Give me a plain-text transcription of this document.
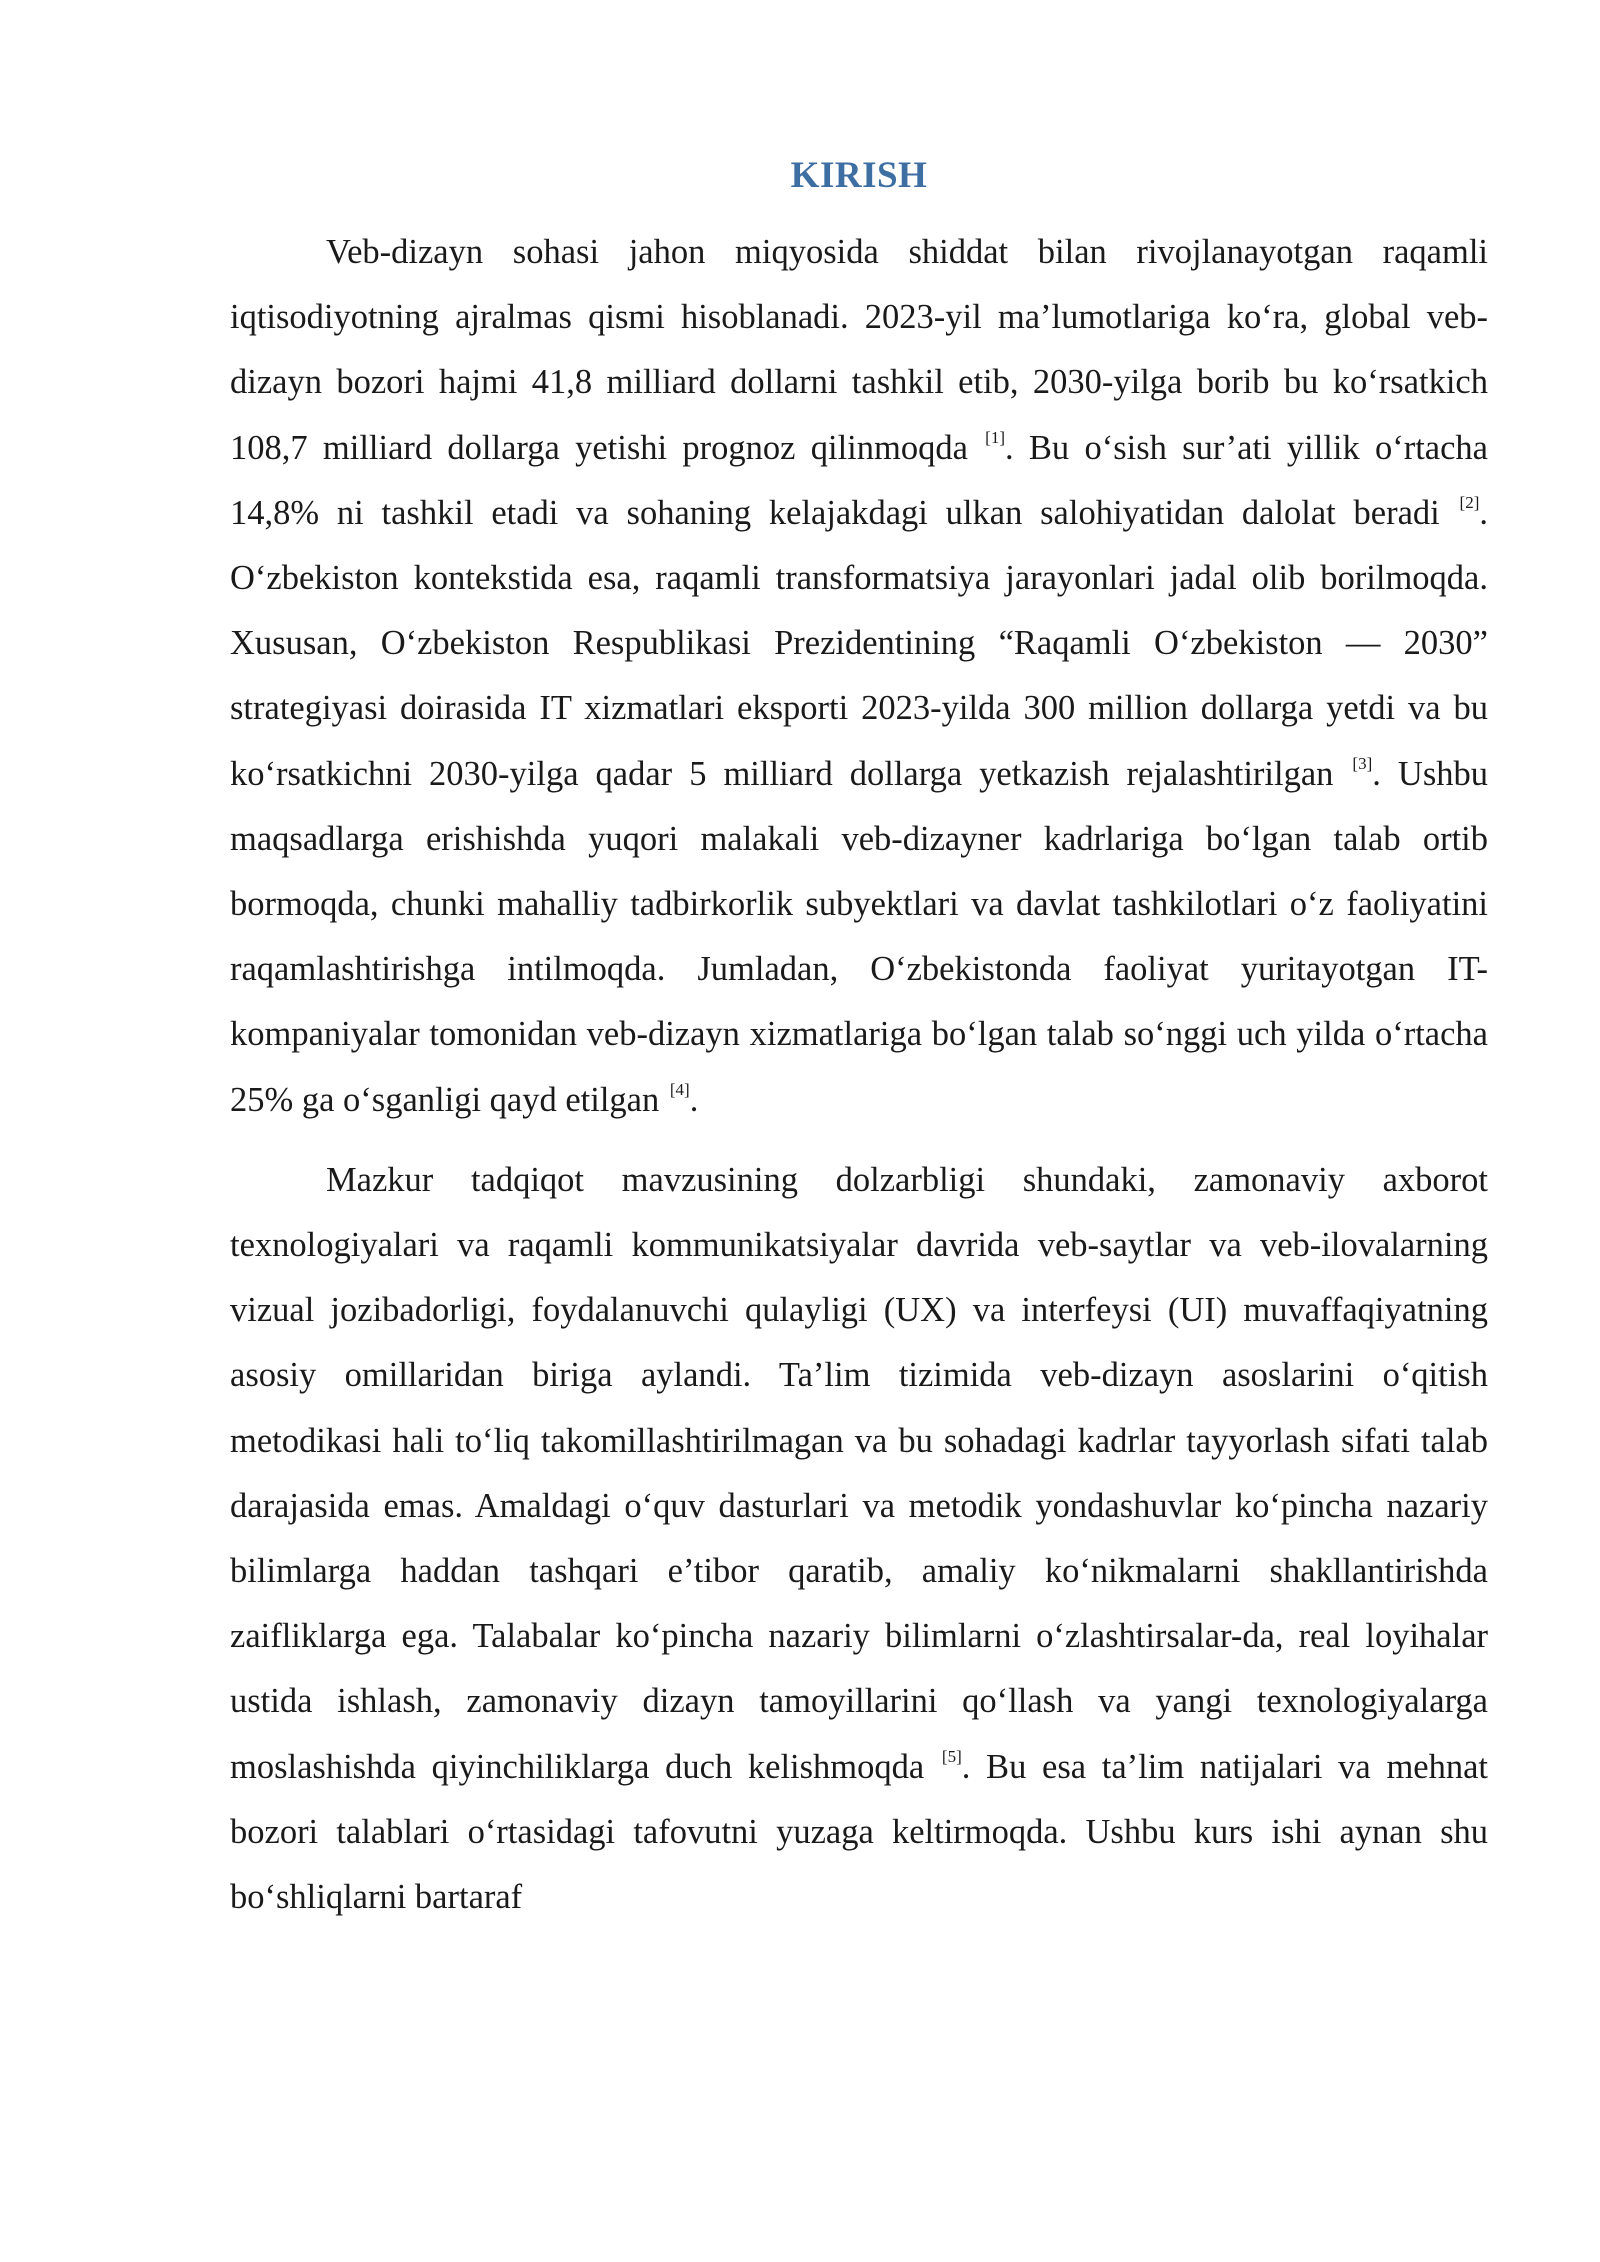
KIRISH

Veb-dizayn sohasi jahon miqyosida shiddat bilan rivojlanayotgan raqamli iqtisodiyotning ajralmas qismi hisoblanadi. 2023-yil ma’lumotlariga ko‘ra, global veb-dizayn bozori hajmi 41,8 milliard dollarni tashkil etib, 2030-yilga borib bu ko‘rsatkich 108,7 milliard dollarga yetishi prognoz qilinmoqda [1]. Bu o‘sish sur’ati yillik o‘rtacha 14,8% ni tashkil etadi va sohaning kelajakdagi ulkan salohiyatidan dalolat beradi [2]. O‘zbekiston kontekstida esa, raqamli transformatsiya jarayonlari jadal olib borilmoqda. Xususan, O‘zbekiston Respublikasi Prezidentining “Raqamli O‘zbekiston — 2030” strategiyasi doirasida IT xizmatlari eksporti 2023-yilda 300 million dollarga yetdi va bu ko‘rsatkichni 2030-yilga qadar 5 milliard dollarga yetkazish rejalashtirilgan [3]. Ushbu maqsadlarga erishishda yuqori malakali veb-dizayner kadrlariga bo‘lgan talab ortib bormoqda, chunki mahalliy tadbirkorlik subyektlari va davlat tashkilotlari o‘z faoliyatini raqamlashtirishga intilmoqda. Jumladan, O‘zbekistonda faoliyat yuritayotgan IT-kompaniyalar tomonidan veb-dizayn xizmatlariga bo‘lgan talab so‘nggi uch yilda o‘rtacha 25% ga o‘sganligi qayd etilgan [4].

Mazkur tadqiqot mavzusining dolzarbligi shundaki, zamonaviy axborot texnologiyalari va raqamli kommunikatsiyalar davrida veb-saytlar va veb-ilovalarning vizual jozibadorligi, foydalanuvchi qulayligi (UX) va interfeysi (UI) muvaffaqiyatning asosiy omillaridan biriga aylandi. Ta’lim tizimida veb-dizayn asoslarini o‘qitish metodikasi hali to‘liq takomillashtirilmagan va bu sohadagi kadrlar tayyorlash sifati talab darajasida emas. Amaldagi o‘quv dasturlari va metodik yondashuvlar ko‘pincha nazariy bilimlarga haddan tashqari e’tibor qaratib, amaliy ko‘nikmalarni shakllantirishda zaifliklarga ega. Talabalar ko‘pincha nazariy bilimlarni o‘zlashtirsalar-da, real loyihalar ustida ishlash, zamonaviy dizayn tamoyillarini qo‘llash va yangi texnologiyalarga moslashishda qiyinchiliklarga duch kelishmoqda [5]. Bu esa ta’lim natijalari va mehnat bozori talablari o‘rtasidagi tafovutni yuzaga keltirmoqda. Ushbu kurs ishi aynan shu bo‘shliqlarni bartaraf
